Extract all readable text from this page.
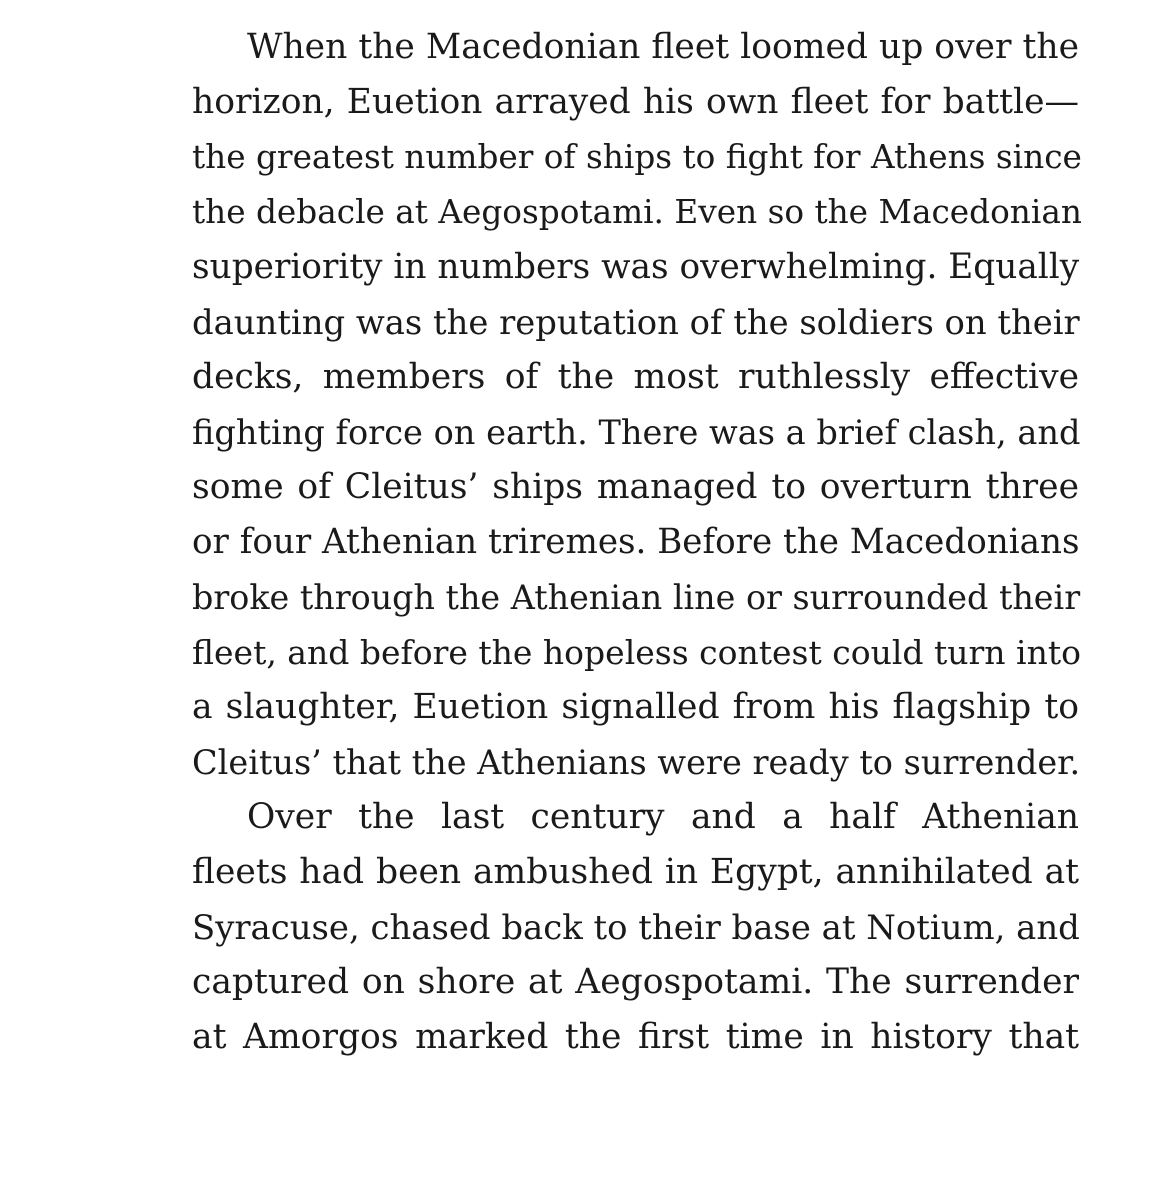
When the Macedonian fleet loomed up over the
horizon, Euetion arrayed his own fleet for battle—
the greatest number of ships to fight for Athens since
the debacle at Aegospotami. Even so the Macedonian
superiority in numbers was overwhelming. Equally
daunting was the reputation of the soldiers on their
decks, members of the most ruthlessly effective
fighting force on earth. There was a brief clash, and
some of Cleitus’ ships managed to overturn three
or four Athenian triremes. Before the Macedonians
broke through the Athenian line or surrounded their
fleet, and before the hopeless contest could turn into
a slaughter, Euetion signalled from his flagship to
Cleitus’ that the Athenians were ready to surrender.
Over the last century and a half Athenian
fleets had been ambushed in Egypt, annihilated at
Syracuse, chased back to their base at Notium, and
captured on shore at Aegospotami. The surrender
at Amorgos marked the first time in history that
